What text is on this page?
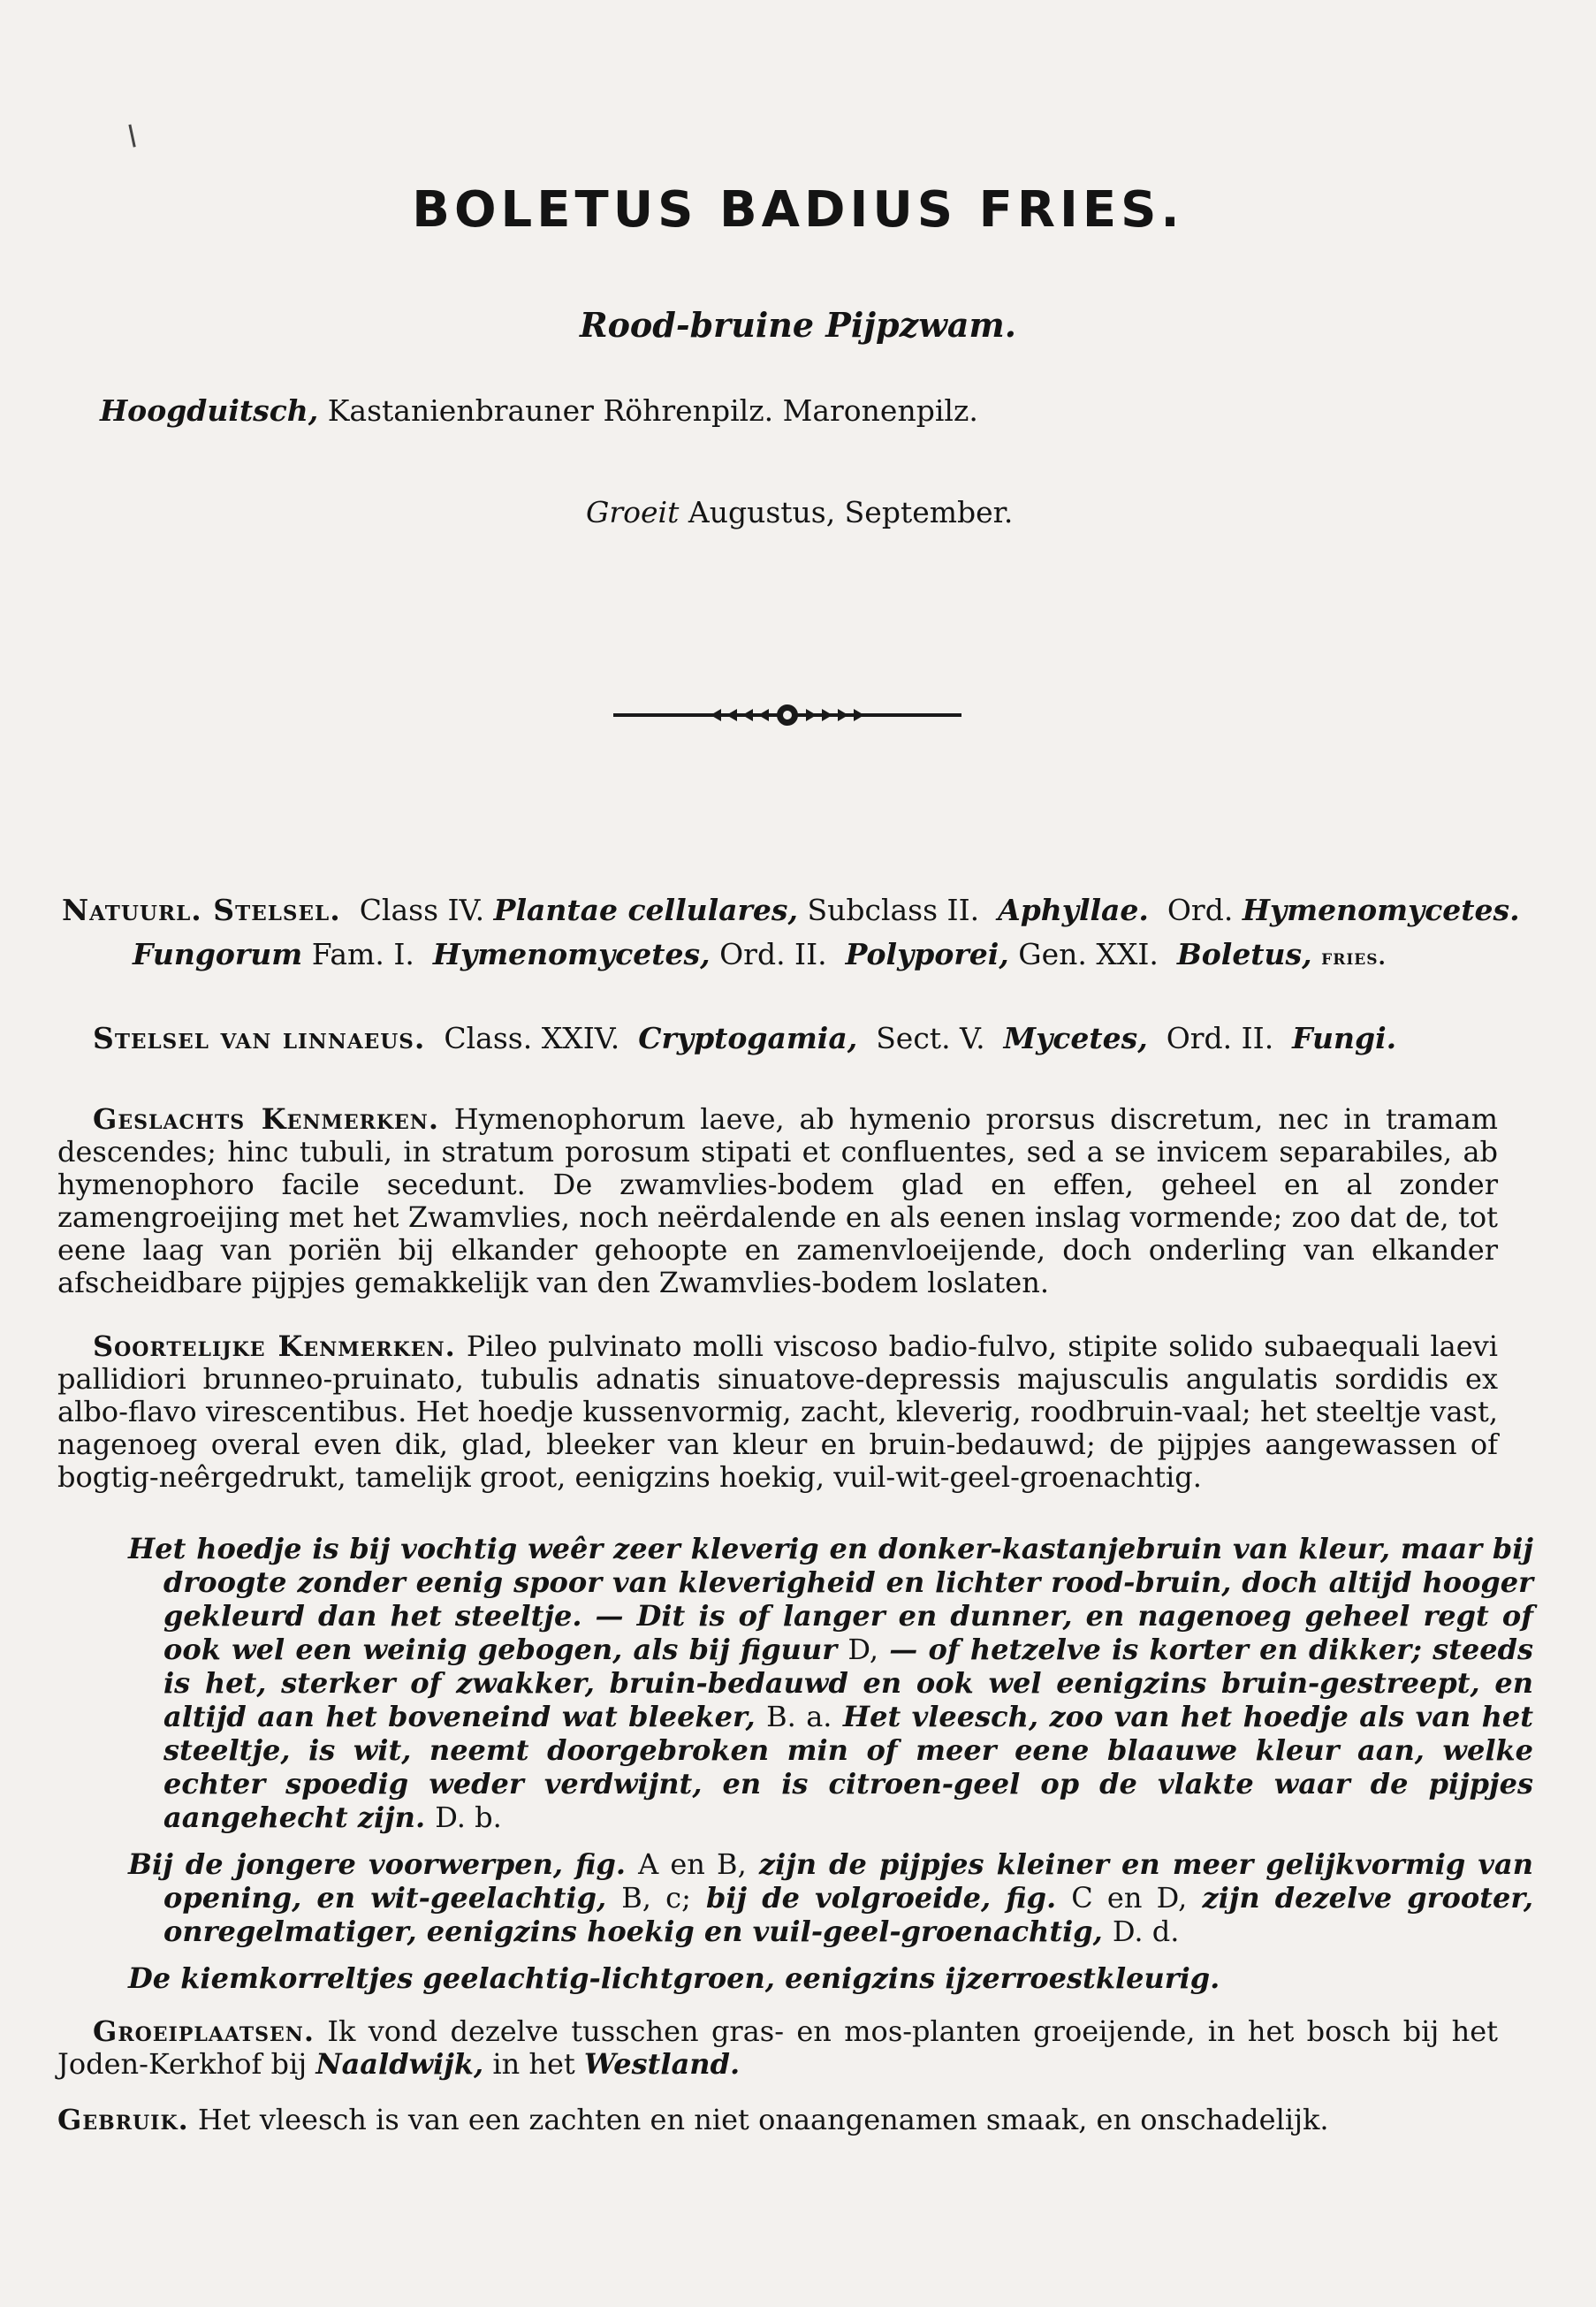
BOLETUS BADIUS FRIES.
Rood-bruine Pijpzwam.
Hoogduitsch, Kastanienbrauner Röhrenpilz. Maronenpilz.
Groeit Augustus, September.
Natuurl. Stelsel. Class IV. Plantae cellulares, Subclass II. Aphyllae. Ord. Hymenomycetes.
Fungorum Fam. I. Hymenomycetes, Ord. II. Polyporei, Gen. XXI. Boletus, fries.
Stelsel van linnaeus. Class. XXIV. Cryptogamia, Sect. V. Mycetes, Ord. II. Fungi.
Geslachts Kenmerken. Hymenophorum laeve, ab hymenio prorsus discretum, nec in tramam descendes; hinc tubuli, in stratum porosum stipati et confluentes, sed a se invicem separabiles, ab hymenophoro facile secedunt. De zwamvlies-bodem glad en effen, geheel en al zonder zamengroeijing met het Zwamvlies, noch neërdalende en als eenen inslag vormende; zoo dat de, tot eene laag van poriën bij elkander gehoopte en zamenvloeijende, doch onderling van elkander afscheidbare pijpjes gemakkelijk van den Zwamvlies-bodem loslaten.
Soortelijke Kenmerken. Pileo pulvinato molli viscoso badio-fulvo, stipite solido subaequali laevi pallidiori brunneo-pruinato, tubulis adnatis sinuatove-depressis majusculis angulatis sordidis ex albo-flavo virescentibus. Het hoedje kussenvormig, zacht, kleverig, roodbruin-vaal; het steeltje vast, nagenoeg overal even dik, glad, bleeker van kleur en bruin-bedauwd; de pijpjes aangewassen of bogtig-neêrgedrukt, tamelijk groot, eenigzins hoekig, vuil-wit-geel-groenachtig.
Het hoedje is bij vochtig weêr zeer kleverig en donker-kastanjebruin van kleur, maar bij droogte zonder eenig spoor van kleverigheid en lichter rood-bruin, doch altijd hooger gekleurd dan het steeltje. — Dit is of langer en dunner, en nagenoeg geheel regt of ook wel een weinig gebogen, als bij figuur D, — of hetzelve is korter en dikker; steeds is het, sterker of zwakker, bruin-bedauwd en ook wel eenigzins bruin-gestreept, en altijd aan het boveneind wat bleeker, B. a. Het vleesch, zoo van het hoedje als van het steeltje, is wit, neemt doorgebroken min of meer eene blaauwe kleur aan, welke echter spoedig weder verdwijnt, en is citroen-geel op de vlakte waar de pijpjes aangehecht zijn. D. b.
Bij de jongere voorwerpen, fig. A en B, zijn de pijpjes kleiner en meer gelijkvormig van opening, en wit-geelachtig, B, c; bij de volgroeide, fig. C en D, zijn dezelve grooter, onregelmatiger, eenigzins hoekig en vuil-geel-groenachtig, D. d.
De kiemkorreltjes geelachtig-lichtgroen, eenigzins ijzerroestkleurig.
Groeiplaatsen. Ik vond dezelve tusschen gras- en mos-planten groeijende, in het bosch bij het Joden-Kerkhof bij Naaldwijk, in het Westland.
Gebruik. Het vleesch is van een zachten en niet onaangenamen smaak, en onschadelijk.
